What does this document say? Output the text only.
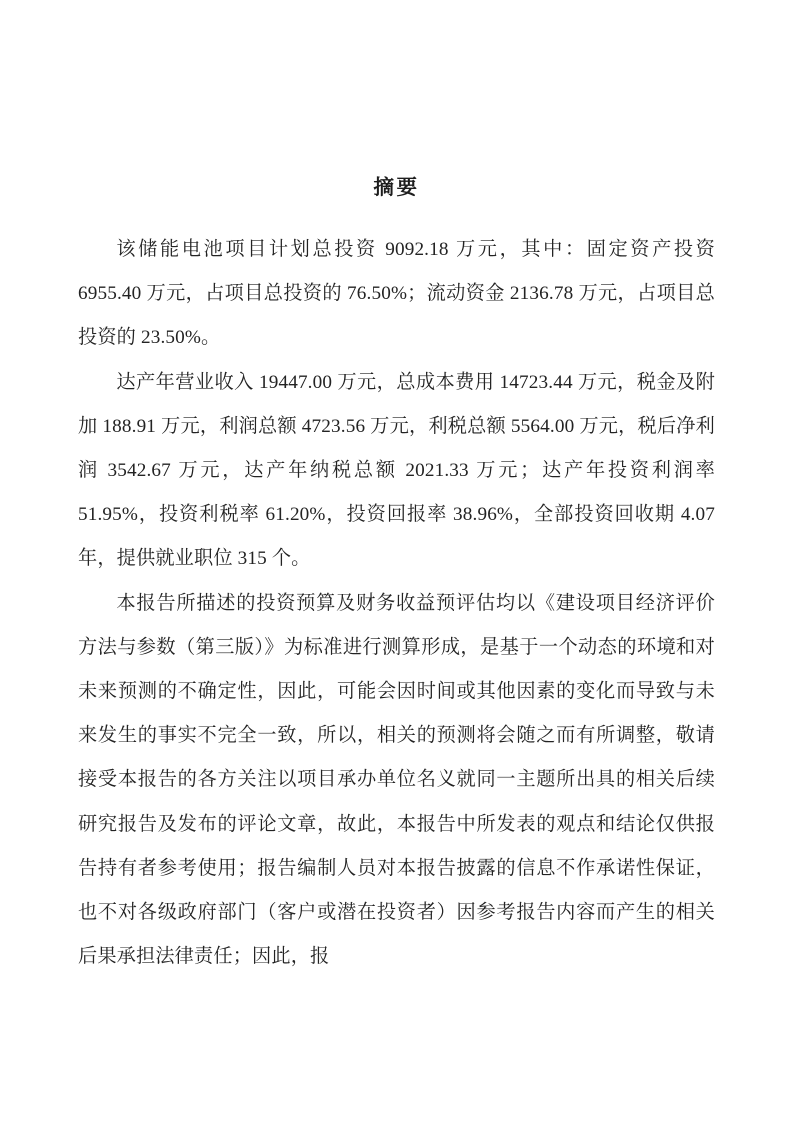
摘要

该储能电池项目计划总投资 9092.18 万元，其中：固定资产投资 6955.40 万元，占项目总投资的 76.50%；流动资金 2136.78 万元，占项目总投资的 23.50%。

达产年营业收入 19447.00 万元，总成本费用 14723.44 万元，税金及附加 188.91 万元，利润总额 4723.56 万元，利税总额 5564.00 万元，税后净利润 3542.67 万元，达产年纳税总额 2021.33 万元；达产年投资利润率 51.95%，投资利税率 61.20%，投资回报率 38.96%，全部投资回收期 4.07 年，提供就业职位 315 个。

本报告所描述的投资预算及财务收益预评估均以《建设项目经济评价方法与参数（第三版）》为标准进行测算形成，是基于一个动态的环境和对未来预测的不确定性，因此，可能会因时间或其他因素的变化而导致与未来发生的事实不完全一致，所以，相关的预测将会随之而有所调整，敬请接受本报告的各方关注以项目承办单位名义就同一主题所出具的相关后续研究报告及发布的评论文章，故此，本报告中所发表的观点和结论仅供报告持有者参考使用；报告编制人员对本报告披露的信息不作承诺性保证，也不对各级政府部门（客户或潜在投资者）因参考报告内容而产生的相关后果承担法律责任；因此，报
